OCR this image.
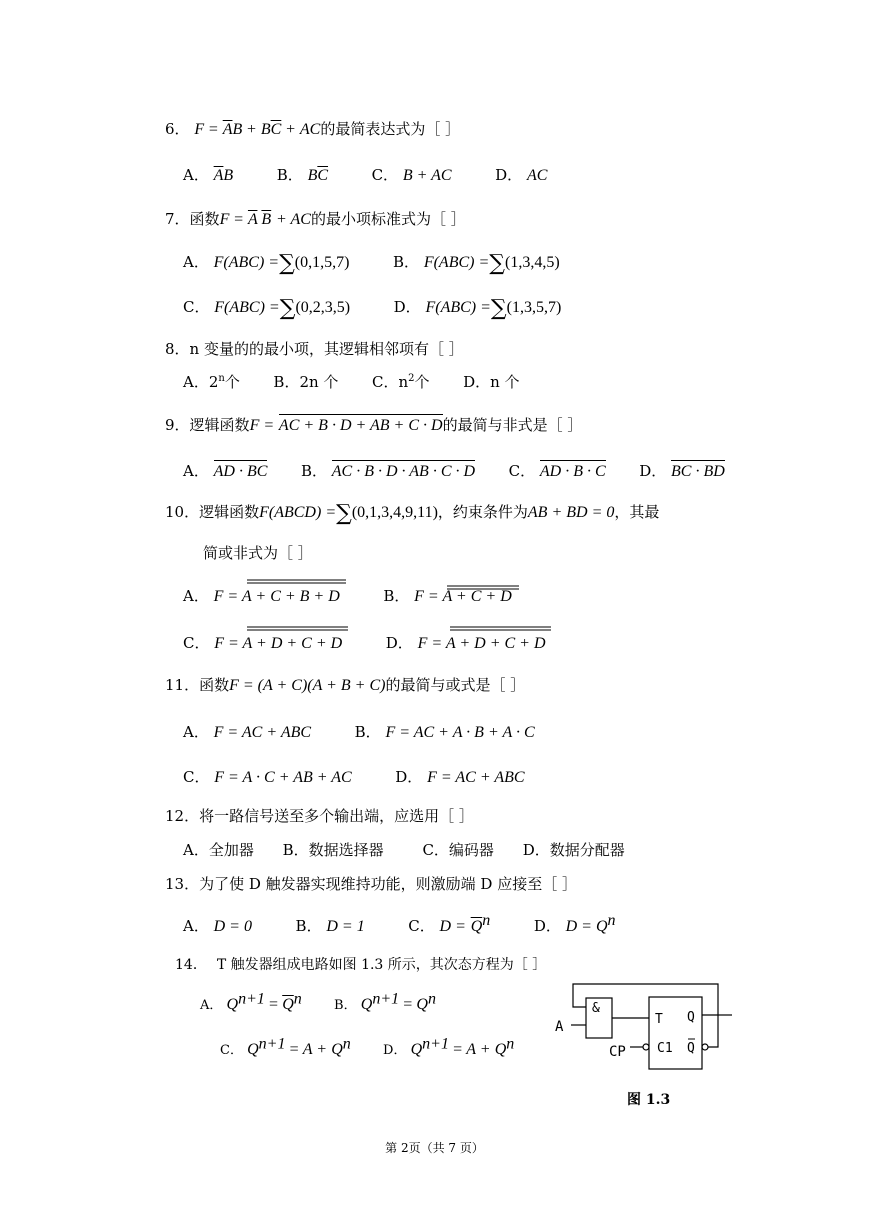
6． $F = \overline{A}B + B\overline{C}$ + AC的最简表达式为［ ］
A． $\overline{A}B$	B． $B\overline{C}$	C． B + AC	D． AC
7．函数$F = \overline{A}$ $\overline{B}$ + AC的最小项标准式为［ ］
A． F(ABC) =∑(0,1,5,7)	B． F(ABC) =∑(1,3,4,5)
C． F(ABC) =∑(0,2,3,5)	D． F(ABC) =∑(1,3,5,7)
8．n 变量的的最小项，其逻辑相邻项有［ ］
A．2$^n$个 B．2n 个 C．$n^2$个 D．n 个
9．逻辑函数F = AC + B · D + AB + C · D的最简与非式是［ ］
A． AD · BC B． AC · B · D · AB · C · D C． AD · B · C D． BC · BD
10．逻辑函数F(ABCD) =∑(0,1,3,4,9,11)，约束条件为AB + BD = 0，其最
简或非式为［ ］
A． F = A + C + B + D	B． F = A + C + D
C． F = A + D + C + D	D． F = A + D + C + D
11．函数F = (A + C)(A + B + C)的最简与或式是［ ］
A． F = AC + ABC	B． F = AC + A · B + A · C
C． F = A · C + AB + AC	D． F = AC + ABC
12．将一路信号送至多个输出端，应选用［ ］
A．全加器 B．数据选择器	C．编码器 D．数据分配器
13．为了使 D 触发器实现维持功能，则激励端 D 应接至［ ］
A． D = 0	B． D = 1	C． $D = \overline{Q}^n$	D． $D = Q^n$
14． T 触发器组成电路如图 1.3 所示，其次态方程为［ ］
A． $Q^{n+1} = \overline{Q}^n$ B． $Q^{n+1} = Q^n$
C． $Q^{n+1} = A + Q^n$ D． $Q^{n+1} = A + Q^n$
&
T
C1
Q
Q
A
CP
图 1.3
第 2页（共 7 页）
